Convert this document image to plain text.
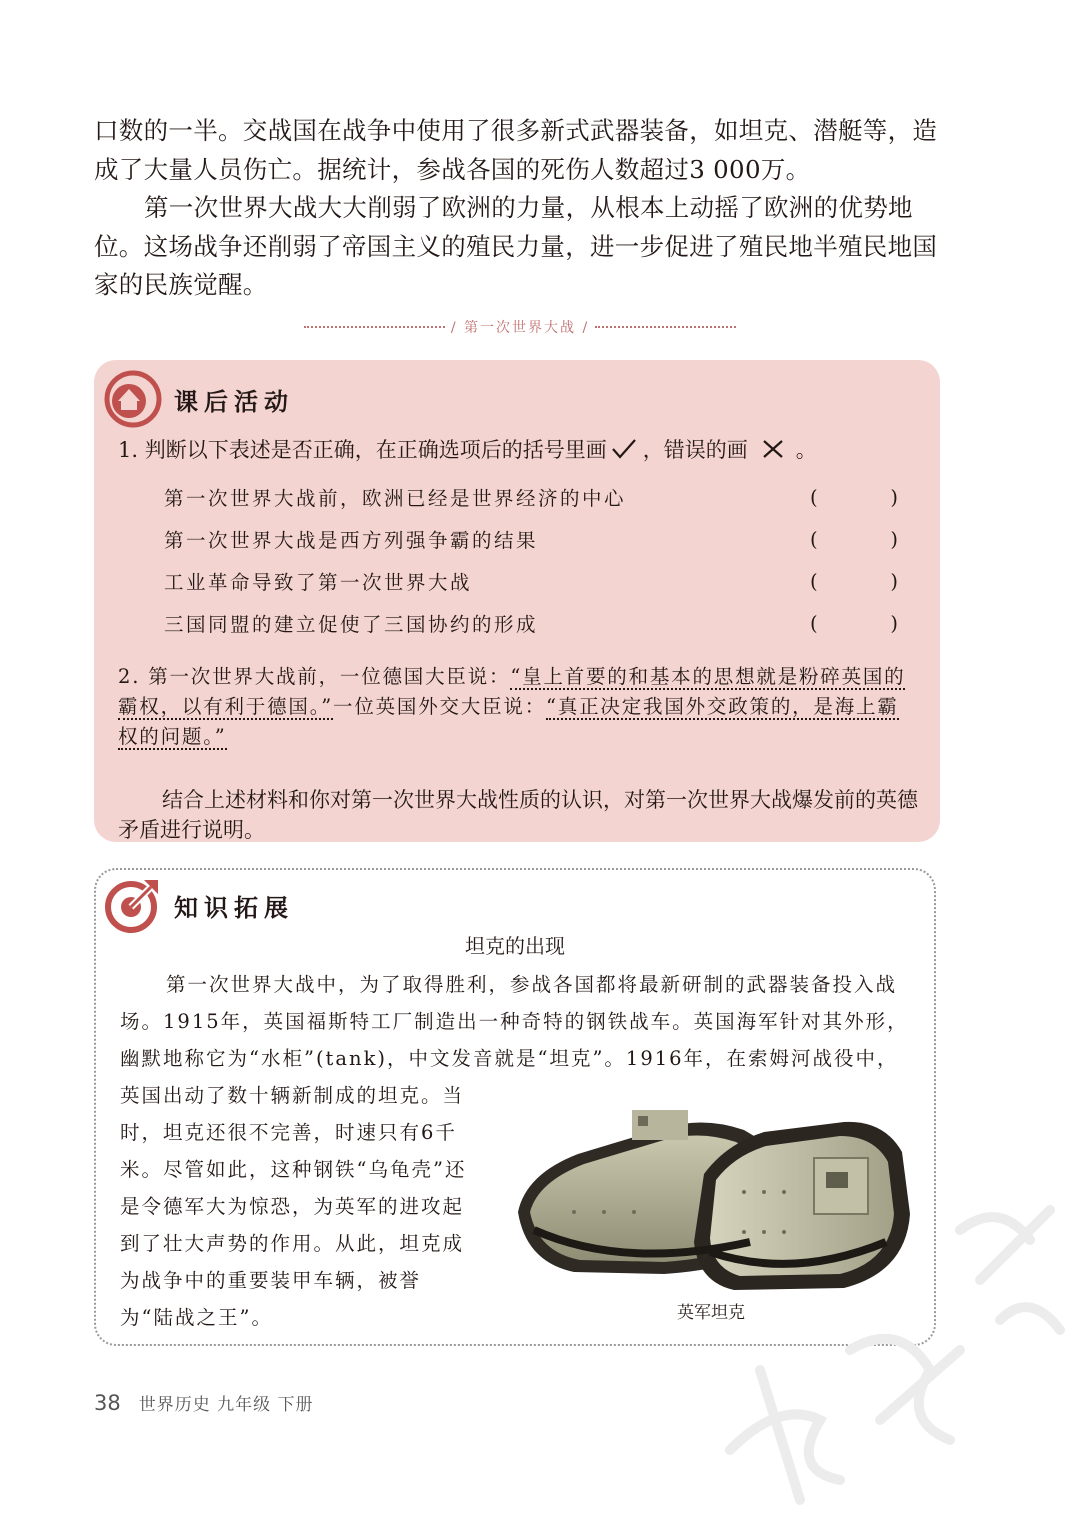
口数的一半。交战国在战争中使用了很多新式武器装备，如坦克、潜艇等，造成了大量人员伤亡。据统计，参战各国的死伤人数超过3 000万。

第一次世界大战大大削弱了欧洲的力量，从根本上动摇了欧洲的优势地位。这场战争还削弱了帝国主义的殖民力量，进一步促进了殖民地半殖民地国家的民族觉醒。

/ 第一次世界大战 /
课后活动
1. 判断以下表述是否正确，在正确选项后的括号里画 ，错误的画 。
第一次世界大战前，欧洲已经是世界经济的中心	(	)
第一次世界大战是西方列强争霸的结果	(	)
工业革命导致了第一次世界大战	(	)
三国同盟的建立促使了三国协约的形成	(	)
2. 第一次世界大战前，一位德国大臣说：“皇上首要的和基本的思想就是粉碎英国的霸权，以有利于德国。”一位英国外交大臣说：“真正决定我国外交政策的，是海上霸权的问题。”

结合上述材料和你对第一次世界大战性质的认识，对第一次世界大战爆发前的英德矛盾进行说明。

知识拓展
坦克的出现

第一次世界大战中，为了取得胜利，参战各国都将最新研制的武器装备投入战场。1915年，英国福斯特工厂制造出一种奇特的钢铁战车。英国海军针对其外形，幽默地称它为“水柜”(tank)，中文发音就是“坦克”。1916年，在索姆河战役中，

英国出动了数十辆新制成的坦克。当时，坦克还很不完善，时速只有6千米。尽管如此，这种钢铁“乌龟壳”还是令德军大为惊恐，为英军的进攻起到了壮大声势的作用。从此，坦克成为战争中的重要装甲车辆，被誉为“陆战之王”。	英军坦克
38 世界历史 九年级 下册
